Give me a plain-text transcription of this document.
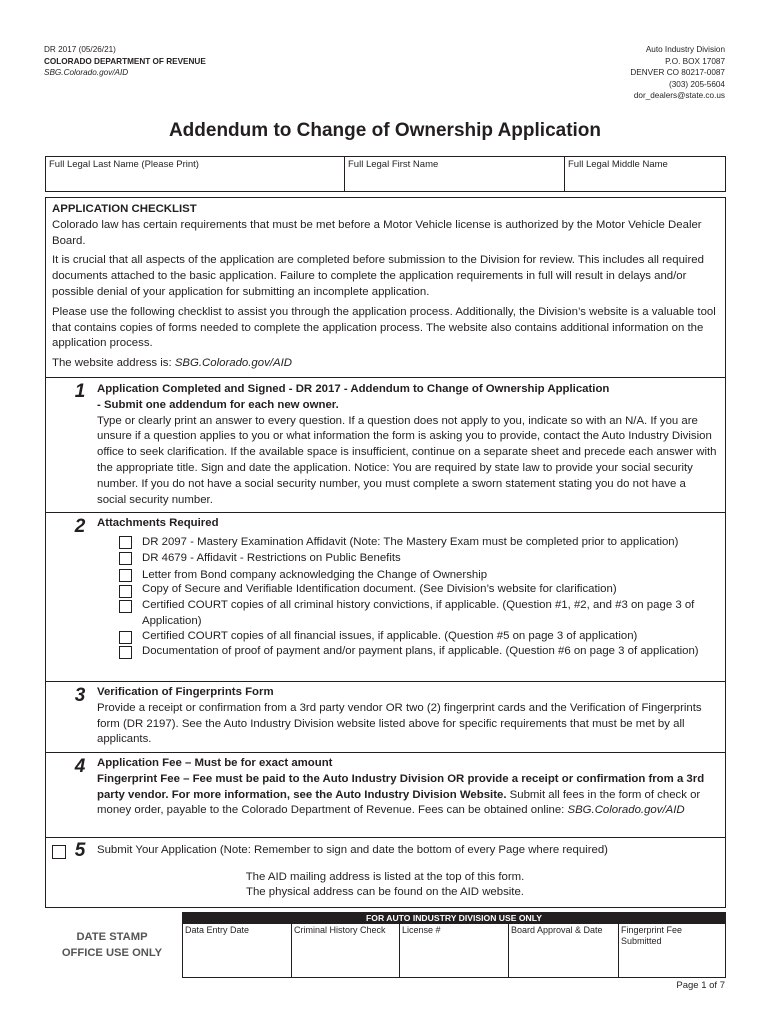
DR 2017 (05/26/21)
COLORADO DEPARTMENT OF REVENUE
SBG.Colorado.gov/AID
Auto Industry Division
P.O. BOX 17087
DENVER CO 80217-0087
(303) 205-5604
dor_dealers@state.co.us
Addendum to Change of Ownership Application
Full Legal Last Name (Please Print)	Full Legal First Name	Full Legal Middle Name
APPLICATION CHECKLIST

Colorado law has certain requirements that must be met before a Motor Vehicle license is authorized by the Motor Vehicle Dealer Board.

It is crucial that all aspects of the application are completed before submission to the Division for review. This includes all required documents attached to the basic application. Failure to complete the application requirements in full will result in delays and/or possible denial of your application for submitting an incomplete application.

Please use the following checklist to assist you through the application process. Additionally, the Division’s website is a valuable tool that contains copies of forms needed to complete the application process. The website also contains additional information on the application process.

The website address is: SBG.Colorado.gov/AID

1	Application Completed and Signed - DR 2017 - Addendum to Change of Ownership Application
- Submit one addendum for each new owner.
Type or clearly print an answer to every question. If a question does not apply to you, indicate so with an N/A. If you are unsure if a question applies to you or what information the form is asking you to provide, contact the Auto Industry Division office to seek clarification. If the available space is insufficient, continue on a separate sheet and precede each answer with the appropriate title. Sign and date the application. Notice: You are required by state law to provide your social security number. If you do not have a social security number, you must complete a sworn statement stating you do not have a social security number.
2	Attachments Required
DR 2097 - Mastery Examination Affidavit (Note: The Mastery Exam must be completed prior to application)
DR 4679 - Affidavit - Restrictions on Public Benefits
Letter from Bond company acknowledging the Change of Ownership
Copy of Secure and Verifiable Identification document. (See Division’s website for clarification)
Certified COURT copies of all criminal history convictions, if applicable. (Question #1, #2, and #3 on page 3 of Application)
Certified COURT copies of all financial issues, if applicable. (Question #5 on page 3 of application)
Documentation of proof of payment and/or payment plans, if applicable. (Question #6 on page 3 of application)
3	Verification of Fingerprints Form
Provide a receipt or confirmation from a 3rd party vendor OR two (2) fingerprint cards and the Verification of Fingerprints form (DR 2197). See the Auto Industry Division website listed above for specific requirements that must be met by all applicants.
4	Application Fee – Must be for exact amount
Fingerprint Fee – Fee must be paid to the Auto Industry Division OR provide a receipt or confirmation from a 3rd party vendor. For more information, see the Auto Industry Division Website. Submit all fees in the form of check or money order, payable to the Colorado Department of Revenue. Fees can be obtained online: SBG.Colorado.gov/AID
5	Submit Your Application (Note: Remember to sign and date the bottom of every Page where required)
The AID mailing address is listed at the top of this form.
The physical address can be found on the AID website.
DATE STAMP
OFFICE USE ONLY
FOR AUTO INDUSTRY DIVISION USE ONLY
Data Entry Date	Criminal History Check	License #	Board Approval & Date	Fingerprint Fee Submitted
Page 1 of 7
